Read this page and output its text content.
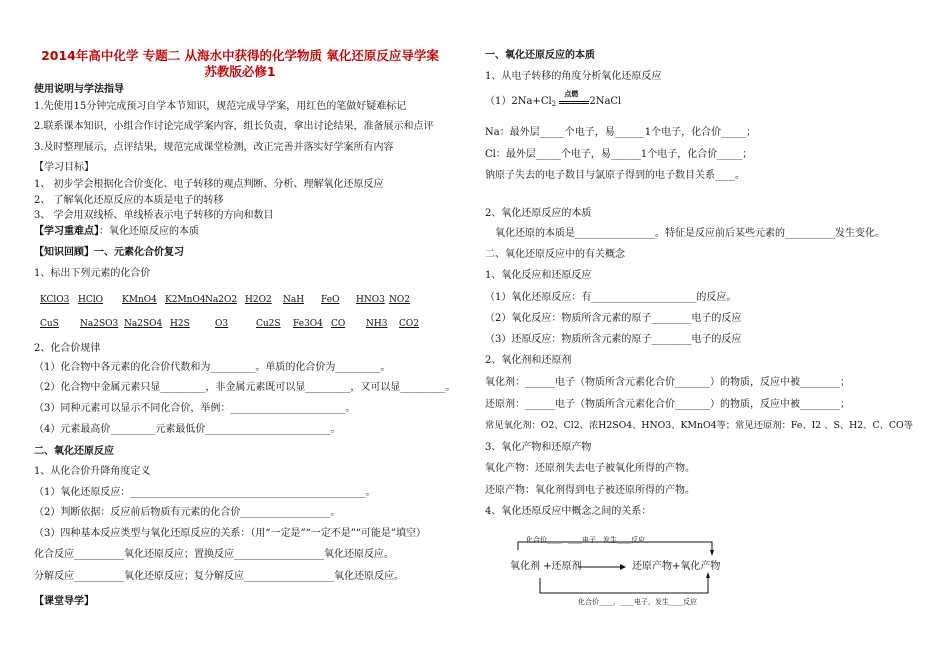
2014年高中化学 专题二 从海水中获得的化学物质 氧化还原反应导学案
苏教版必修1
使用说明与学法指导
1.先使用15分钟完成预习自学本节知识，规范完成导学案，用红色的笔做好疑难标记
2.联系课本知识，小组合作讨论完成学案内容，组长负责，拿出讨论结果，准备展示和点评
3.及时整理展示，点评结果，规范完成课堂检测，改正完善并落实好学案所有内容
【学习目标】
1、 初步学会根据化合价变化、电子转移的观点判断、分析、理解氧化还原反应
2、 了解氧化还原反应的本质是电子的转移
3、 学会用双线桥、单线桥表示电子转移的方向和数目
【学习重难点】：氧化还原反应的本质
【知识回顾】一、元素化合价复习
1、标出下列元素的化合价
KClO3 HClO KMnO4 K2MnO4 Na2O2 H2O2 NaH FeO HNO3 NO2
CuS Na2SO3 Na2SO4 H2S	O3	Cu2S Fe3O4 CO NH3 CO2
2、化合价规律
（1）化合物中各元素的化合价代数和为_________。单质的化合价为_________。
（2）化合物中金属元素只显_________，非金属元素既可以显_________，又可以显_________。
（3）同种元素可以显示不同化合价，举例：_______________________。
（4）元素最高价_________元素最低价_________________________。
二、氧化还原反应
1、从化合价升降角度定义
（1）氧化还原反应：_______________________________________________。
（2）判断依据：反应前后物质有元素的化合价__________________。
（3）四种基本反应类型与氧化还原反应的关系：（用“一定是”“一定不是”“可能是”填空）
化合反应__________氧化还原反应；置换反应__________________氧化还原反应。
分解反应__________氧化还原反应；复分解反应__________________氧化还原反应。
【课堂导学】
一、氧化还原反应的本质
1、从电子转移的角度分析氧化还原反应
$(1)2Na+Cl_2$
点燃
2NaCl
Na：最外层_____个电子，易______1个电子，化合价_____；
Cl：最外层_____个电子，易______1个电子，化合价_____；
钠原子失去的电子数目与氯原子得到的电子数目关系____。
2、氧化还原反应的本质
氧化还原的本质是________________。特征是反应前后某些元素的__________发生变化。
二、氧化还原反应中的有关概念
1、氧化反应和还原反应
（1）氧化还原反应：有_____________________的反应。
（2）氧化反应：物质所含元素的原子________电子的反应
（3）还原反应：物质所含元素的原子________电子的反应
2、氧化剂和还原剂
氧化剂：______电子（物质所含元素化合价_______）的物质，反应中被________；
还原剂：______电子（物质所含元素化合价_______）的物质，反应中被________；
常见氧化剂：O2、Cl2、浓H2SO4、HNO3、KMnO4等；常见还原剂：Fe、I2 、S、H2、C、CO等
3、氧化产物和还原产物
氧化产物：还原剂失去电子被氧化所得的产物。
还原产物：氧化剂得到电子被还原所得的产物。
4、氧化还原反应中概念之间的关系：
化合价____，____电子，发生____反应
氧化剂 +还原剂	还原产物+氧化产物
化合价____，____电子，发生____反应
